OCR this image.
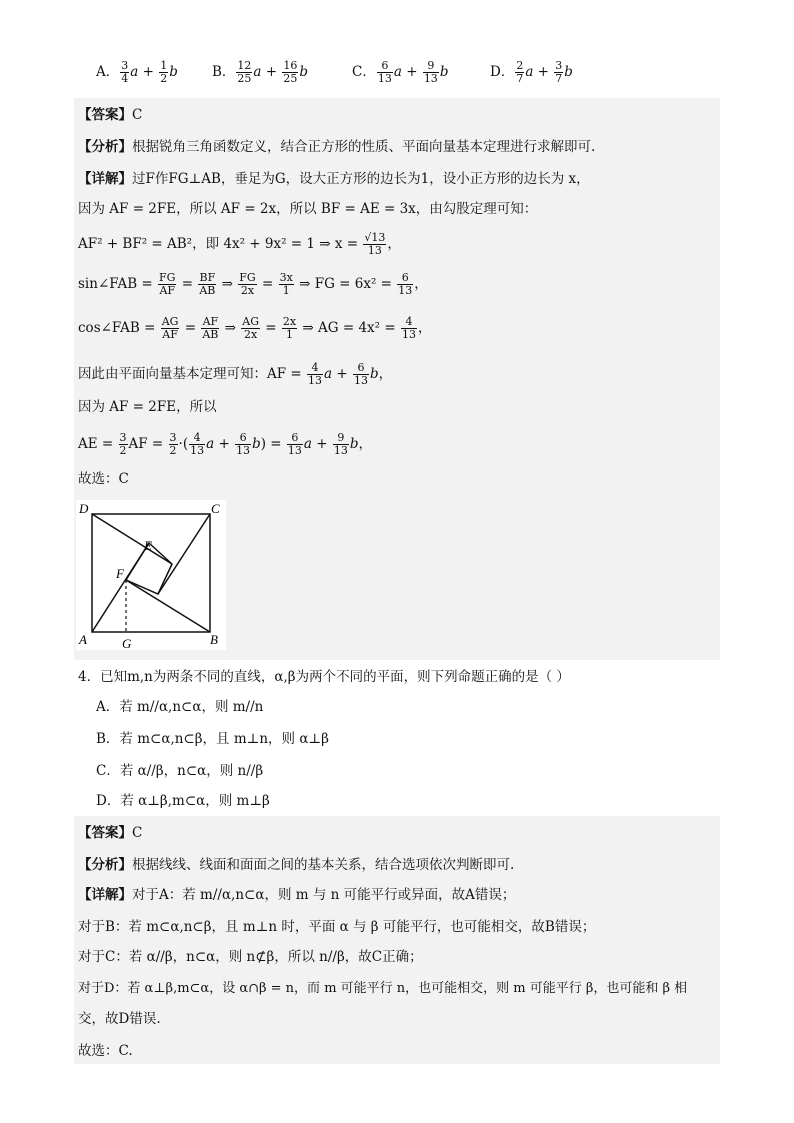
A． $\frac{3}{4}$ $a + \frac{1}{2}$ b	B． $\frac{12}{25}$ $a + \frac{16}{25}$ b	C． $\frac{6}{13}$ $a + \frac{9}{13}$ b	D． $\frac{2}{7}$ $a + \frac{3}{7}$ b
【答案】C
【分析】根据锐角三角函数定义，结合正方形的性质、平面向量基本定理进行求解即可.
【详解】过F作FG⊥AB，垂足为G，设大正方形的边长为1，设小正方形的边长为 x，
因为 AF = 2FE，所以 AF = 2x，所以 BF = AE = 3x，由勾股定理可知：
AF² + BF² = AB²，即 4x² + 9x² = 1 ⇒ $x = \frac{√13}{13}$ ，
sin∠FAB = $\frac{FG}{AF} = \frac{BF}{AB}$ ⇒ $\frac{FG}{2x} = \frac{3x}{1}$ ⇒ FG = $6x^2 = \frac{6}{13}$ ，
cos∠FAB = $\frac{AG}{AF} = \frac{AF}{AB}$ ⇒ $\frac{AG}{2x} = \frac{2x}{1}$ ⇒ AG = $4x^2 = \frac{4}{13}$ ，
因此由平面向量基本定理可知：AF = $\frac{4}{13}$ $a + \frac{6}{13}$ b，
因为 AF = 2FE，所以
AE = $\frac{3}{2}$ AF = $\frac{3}{2}$ ·( $\frac{4}{13}$ $a + \frac{6}{13} b) = \frac{6}{13}$ $a + \frac{9}{13}$ b，
故选：C
D	C
E
F
A	G	B
4．已知m,n为两条不同的直线，α,β为两个不同的平面，则下列命题正确的是（ ）
A．若 m//α,n⊂α，则 m//n
B．若 m⊂α,n⊂β，且 m⊥n，则 α⊥β
C．若 α//β，n⊂α，则 n//β
D．若 α⊥β,m⊂α，则 m⊥β
【答案】C
【分析】根据线线、线面和面面之间的基本关系，结合选项依次判断即可.
【详解】对于A：若 m//α,n⊂α，则 m 与 n 可能平行或异面，故A错误；
对于B：若 m⊂α,n⊂β，且 m⊥n 时，平面 α 与 β 可能平行，也可能相交，故B错误；
对于C：若 α//β，n⊂α，则 n⊄β，所以 n//β，故C正确；
对于D：若 α⊥β,m⊂α，设 α∩β = n，而 m 可能平行 n，也可能相交，则 m 可能平行 β，也可能和 β 相
交，故D错误.
故选：C.
